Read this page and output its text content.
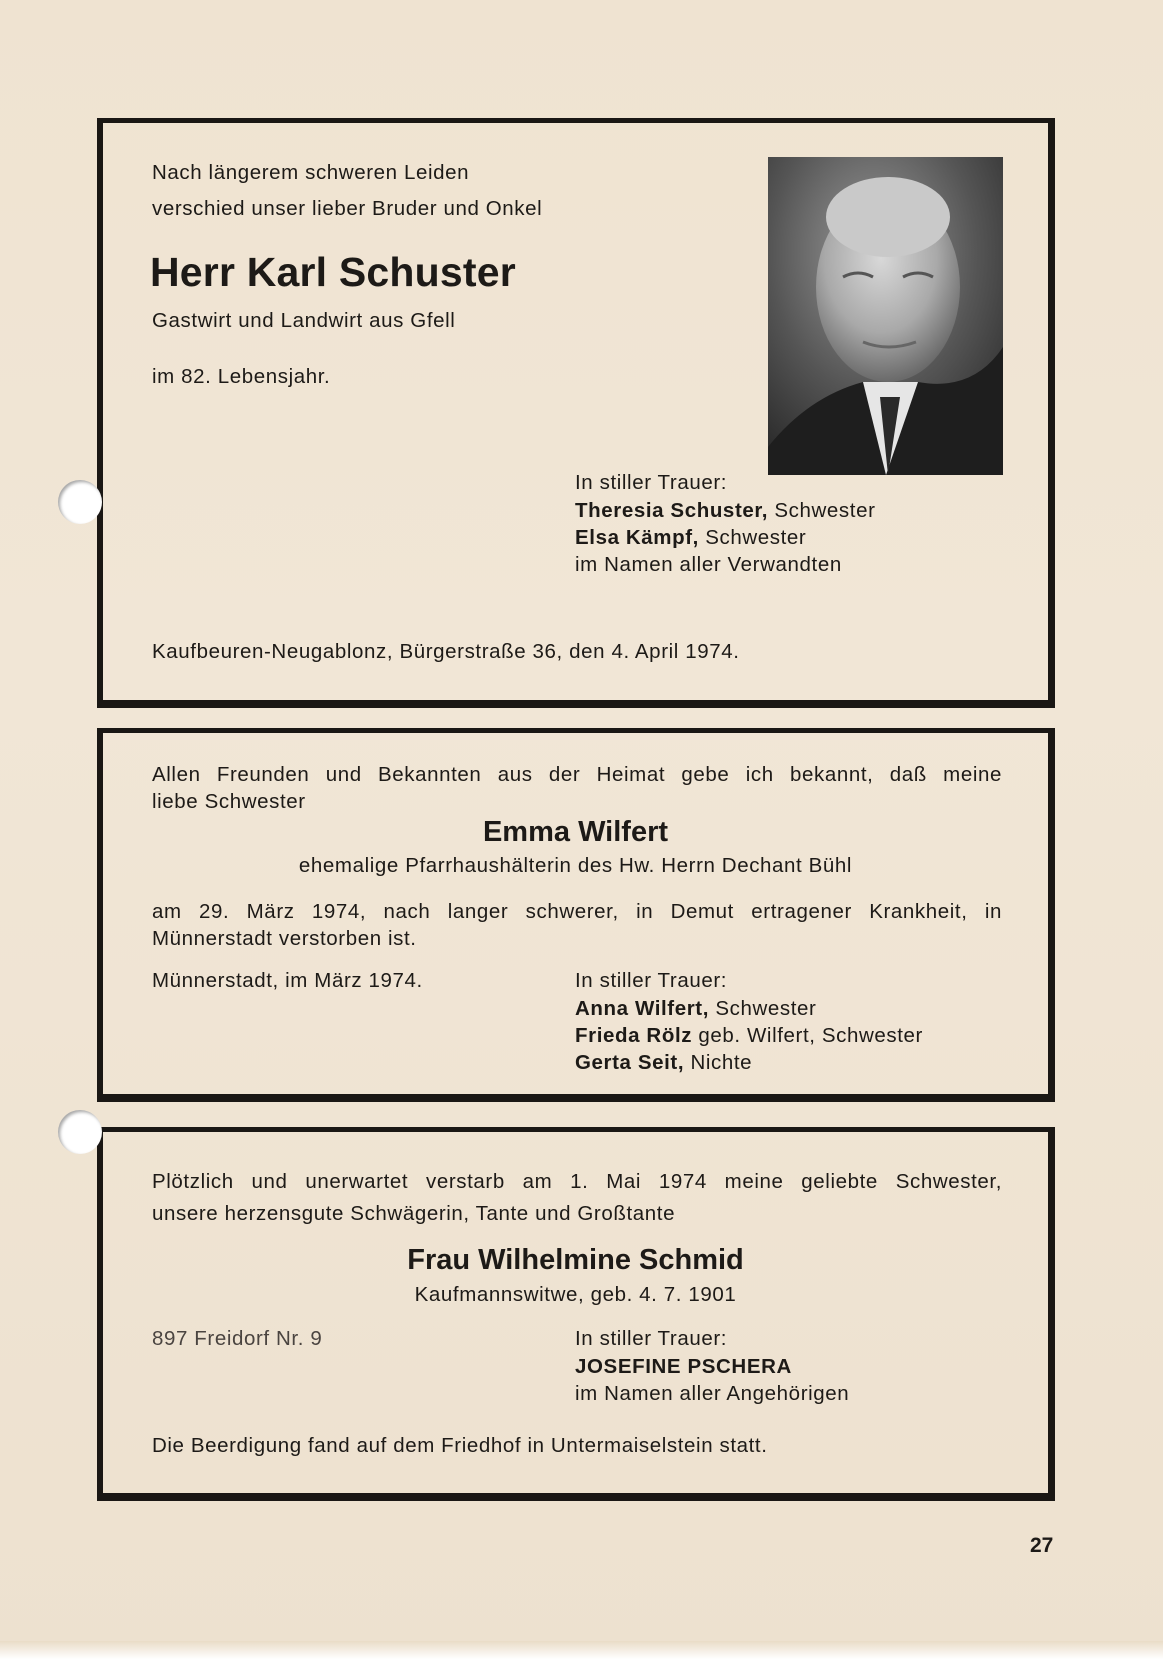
Nach längerem schweren Leiden
verschied unser lieber Bruder und Onkel
Herr Karl Schuster
Gastwirt und Landwirt aus Gfell
im 82. Lebensjahr.
In stiller Trauer:
Theresia Schuster, Schwester
Elsa Kämpf, Schwester
im Namen aller Verwandten
Kaufbeuren-Neugablonz, Bürgerstraße 36, den 4. April 1974.
Allen Freunden und Bekannten aus der Heimat gebe ich bekannt, daß meine
liebe Schwester
Emma Wilfert
ehemalige Pfarrhaushälterin des Hw. Herrn Dechant Bühl
am 29. März 1974, nach langer schwerer, in Demut ertragener Krankheit, in
Münnerstadt verstorben ist.
Münnerstadt, im März 1974.	In stiller Trauer:
Anna Wilfert, Schwester
Frieda Rölz geb. Wilfert, Schwester
Gerta Seit, Nichte
Plötzlich und unerwartet verstarb am 1. Mai 1974 meine geliebte Schwester,
unsere herzensgute Schwägerin, Tante und Großtante
Frau Wilhelmine Schmid
Kaufmannswitwe, geb. 4. 7. 1901
897 Freidorf Nr. 9	In stiller Trauer:
JOSEFINE PSCHERA
im Namen aller Angehörigen
Die Beerdigung fand auf dem Friedhof in Untermaiselstein statt.
27
